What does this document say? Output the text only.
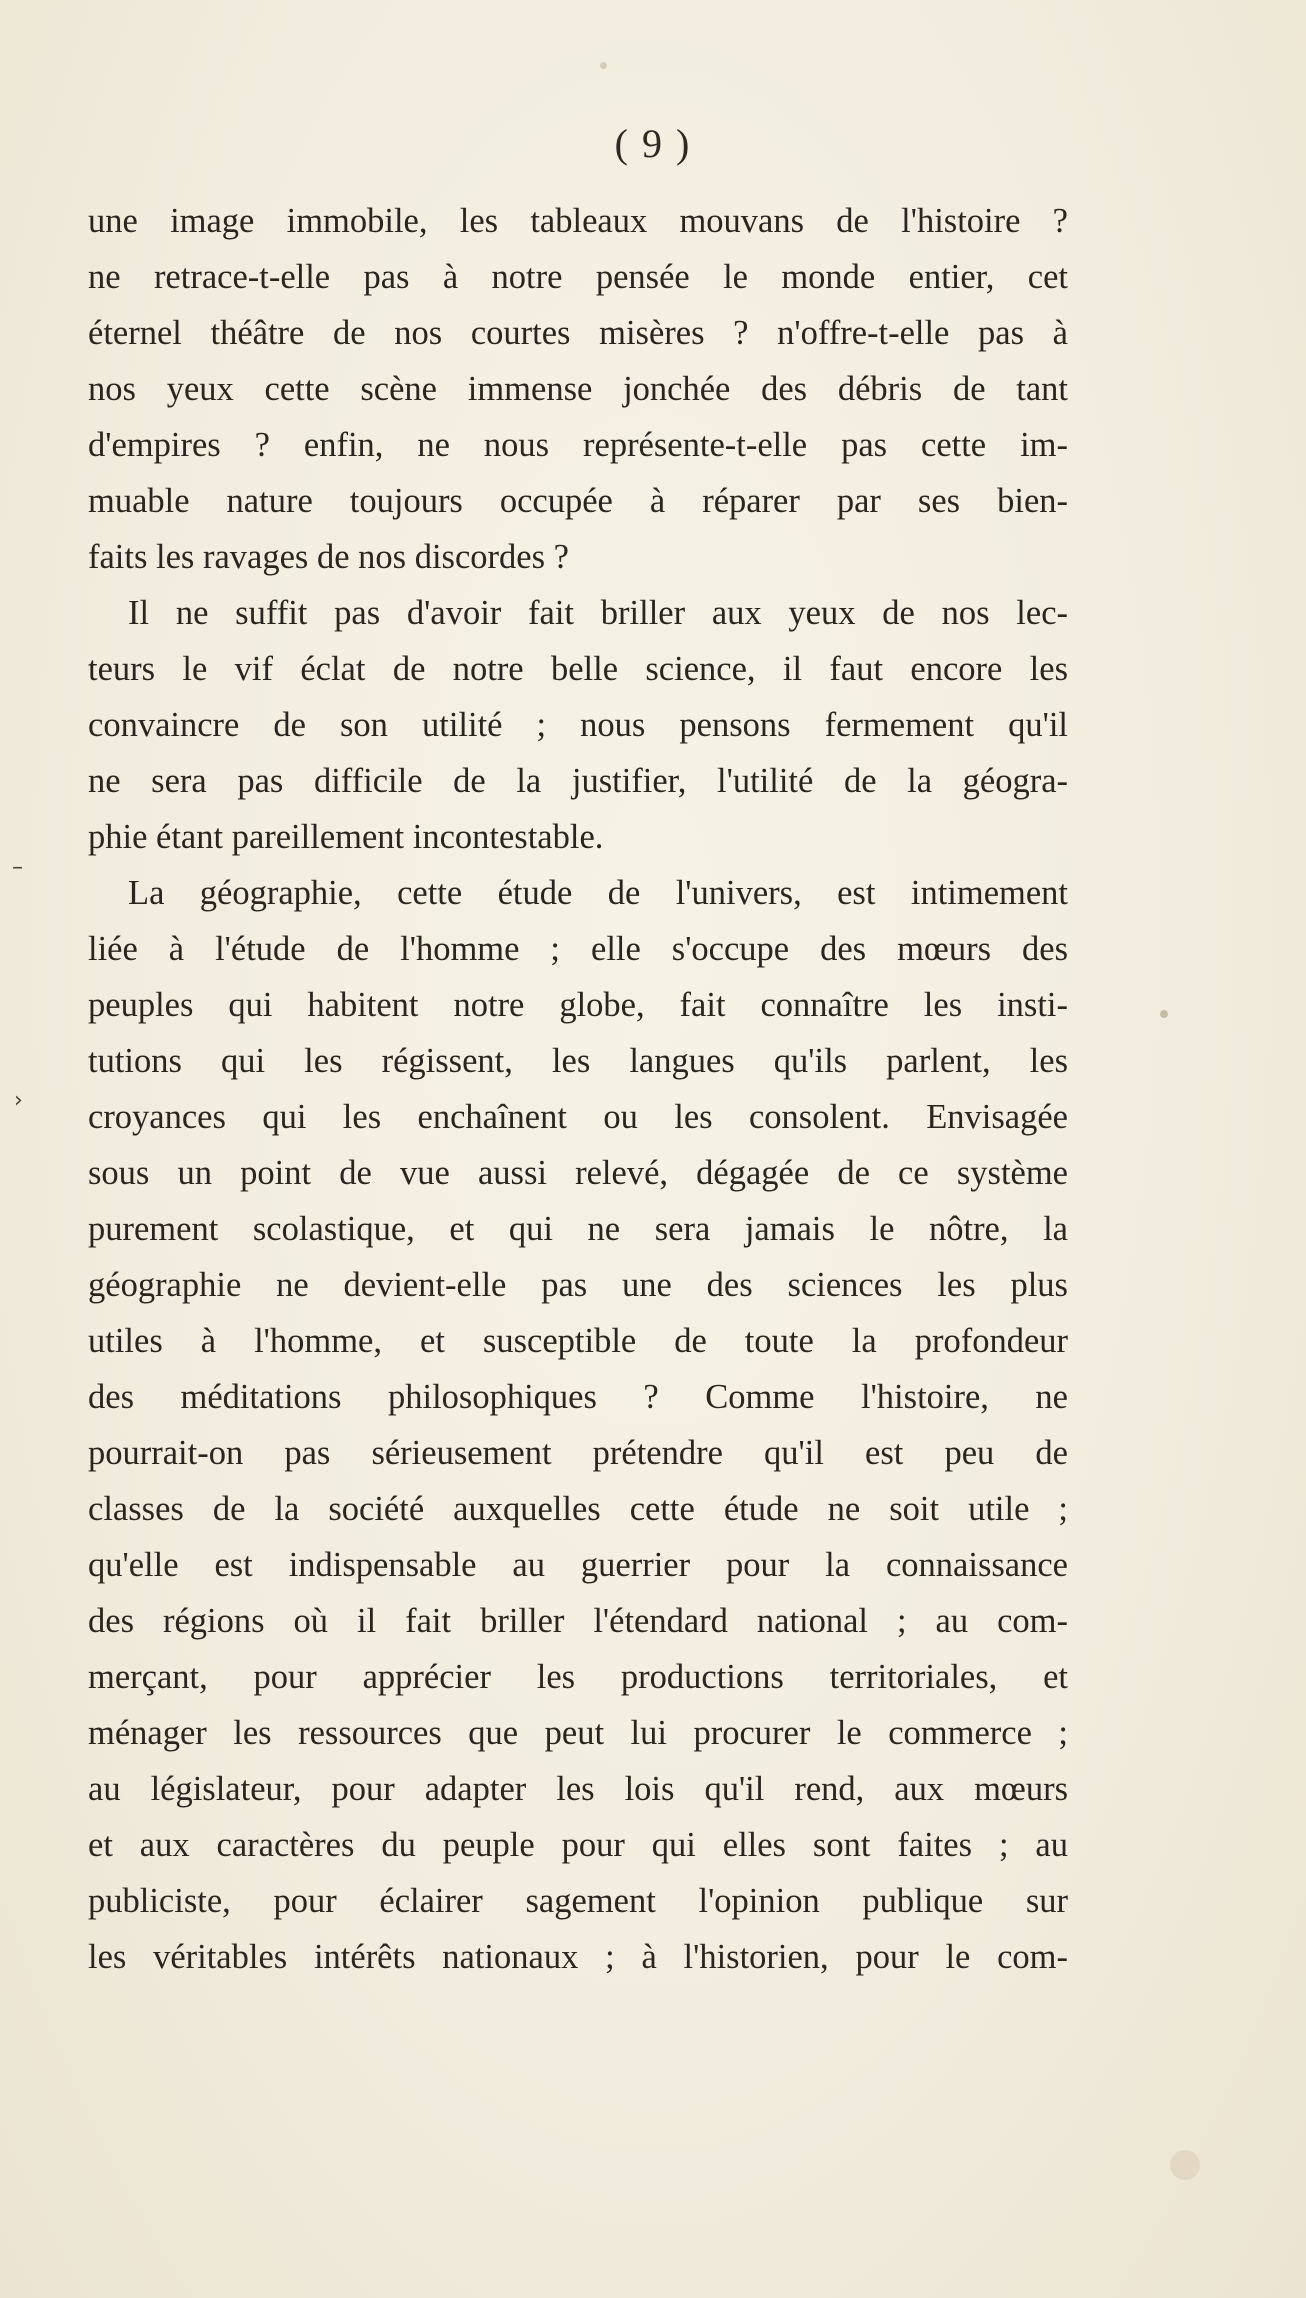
( 9 )
une image immobile, les tableaux mouvans de l'histoire ?
ne retrace-t-elle pas à notre pensée le monde entier, cet
éternel théâtre de nos courtes misères ? n'offre-t-elle pas à
nos yeux cette scène immense jonchée des débris de tant
d'empires ? enfin, ne nous représente-t-elle pas cette im-
muable nature toujours occupée à réparer par ses bien-
faits les ravages de nos discordes ?
Il ne suffit pas d'avoir fait briller aux yeux de nos lec-
teurs le vif éclat de notre belle science, il faut encore les
convaincre de son utilité ; nous pensons fermement qu'il
ne sera pas difficile de la justifier, l'utilité de la géogra-
phie étant pareillement incontestable.
La géographie, cette étude de l'univers, est intimement
liée à l'étude de l'homme ; elle s'occupe des mœurs des
peuples qui habitent notre globe, fait connaître les insti-
tutions qui les régissent, les langues qu'ils parlent, les
croyances qui les enchaînent ou les consolent. Envisagée
sous un point de vue aussi relevé, dégagée de ce système
purement scolastique, et qui ne sera jamais le nôtre, la
géographie ne devient-elle pas une des sciences les plus
utiles à l'homme, et susceptible de toute la profondeur
des méditations philosophiques ? Comme l'histoire, ne
pourrait-on pas sérieusement prétendre qu'il est peu de
classes de la société auxquelles cette étude ne soit utile ;
qu'elle est indispensable au guerrier pour la connaissance
des régions où il fait briller l'étendard national ; au com-
merçant, pour apprécier les productions territoriales, et
ménager les ressources que peut lui procurer le commerce ;
au législateur, pour adapter les lois qu'il rend, aux mœurs
et aux caractères du peuple pour qui elles sont faites ; au
publiciste, pour éclairer sagement l'opinion publique sur
les véritables intérêts nationaux ; à l'historien, pour le com-
–
›
